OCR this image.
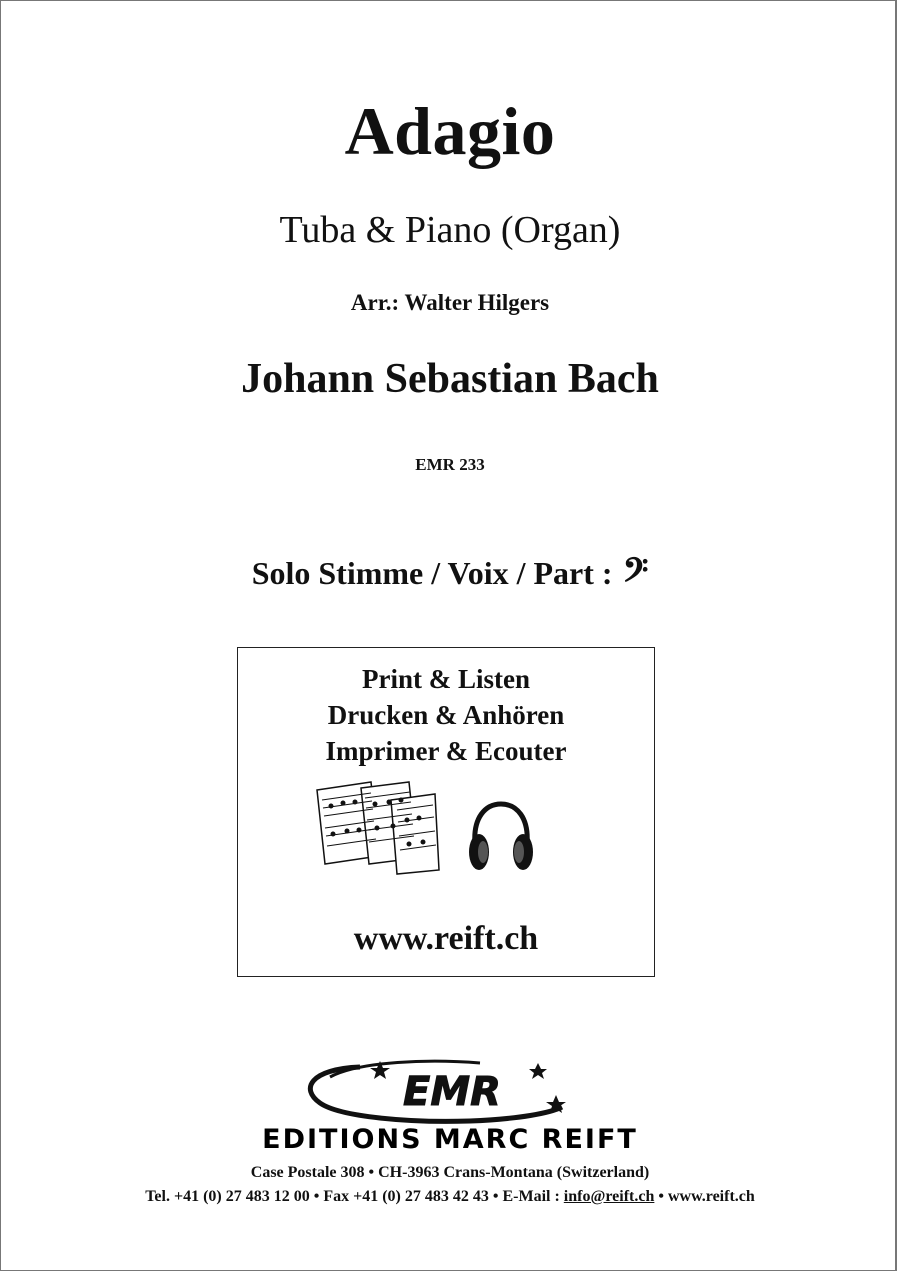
Adagio
Tuba & Piano (Organ)
Arr.: Walter Hilgers
Johann Sebastian Bach
EMR 233
Solo Stimme / Voix / Part : 𝄢
Print & Listen
Drucken & Anhören
Imprimer & Ecouter
www.reift.ch
EMR
EDITIONS MARC REIFT
Case Postale 308 • CH-3963 Crans-Montana (Switzerland)
Tel. +41 (0) 27 483 12 00 • Fax +41 (0) 27 483 42 43 • E-Mail : info@reift.ch • www.reift.ch
